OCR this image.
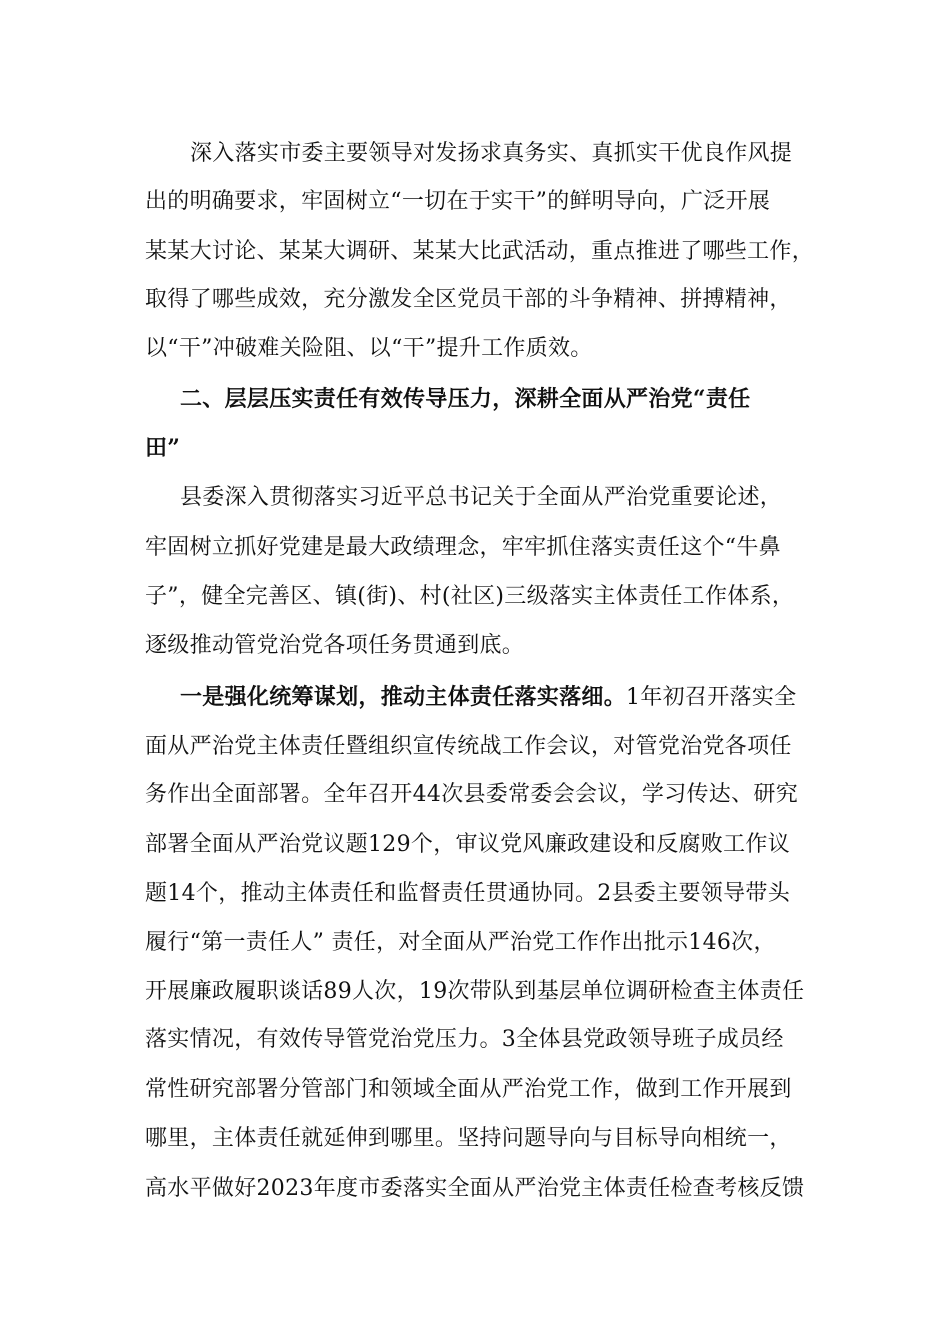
深入落实市委主要领导对发扬求真务实、真抓实干优良作风提
出的明确要求，牢固树立“一切在于实干”的鲜明导向，广泛开展
某某大讨论、某某大调研、某某大比武活动，重点推进了哪些工作，
取得了哪些成效，充分激发全区党员干部的斗争精神、拼搏精神，
以“干”冲破难关险阻、以“干”提升工作质效。
二、层层压实责任有效传导压力，深耕全面从严治党“责任
田”
县委深入贯彻落实习近平总书记关于全面从严治党重要论述，
牢固树立抓好党建是最大政绩理念，牢牢抓住落实责任这个“牛鼻
子”，健全完善区、镇(街)、村(社区)三级落实主体责任工作体系，
逐级推动管党治党各项任务贯通到底。
一是强化统筹谋划，推动主体责任落实落细。1年初召开落实全
面从严治党主体责任暨组织宣传统战工作会议，对管党治党各项任
务作出全面部署。全年召开44次县委常委会会议，学习传达、研究
部署全面从严治党议题129个，审议党风廉政建设和反腐败工作议
题14个，推动主体责任和监督责任贯通协同。2县委主要领导带头
履行“第一责任人” 责任，对全面从严治党工作作出批示146次，
开展廉政履职谈话89人次，19次带队到基层单位调研检查主体责任
落实情况，有效传导管党治党压力。3全体县党政领导班子成员经
常性研究部署分管部门和领域全面从严治党工作，做到工作开展到
哪里，主体责任就延伸到哪里。坚持问题导向与目标导向相统一，
高水平做好2023年度市委落实全面从严治党主体责任检查考核反馈
